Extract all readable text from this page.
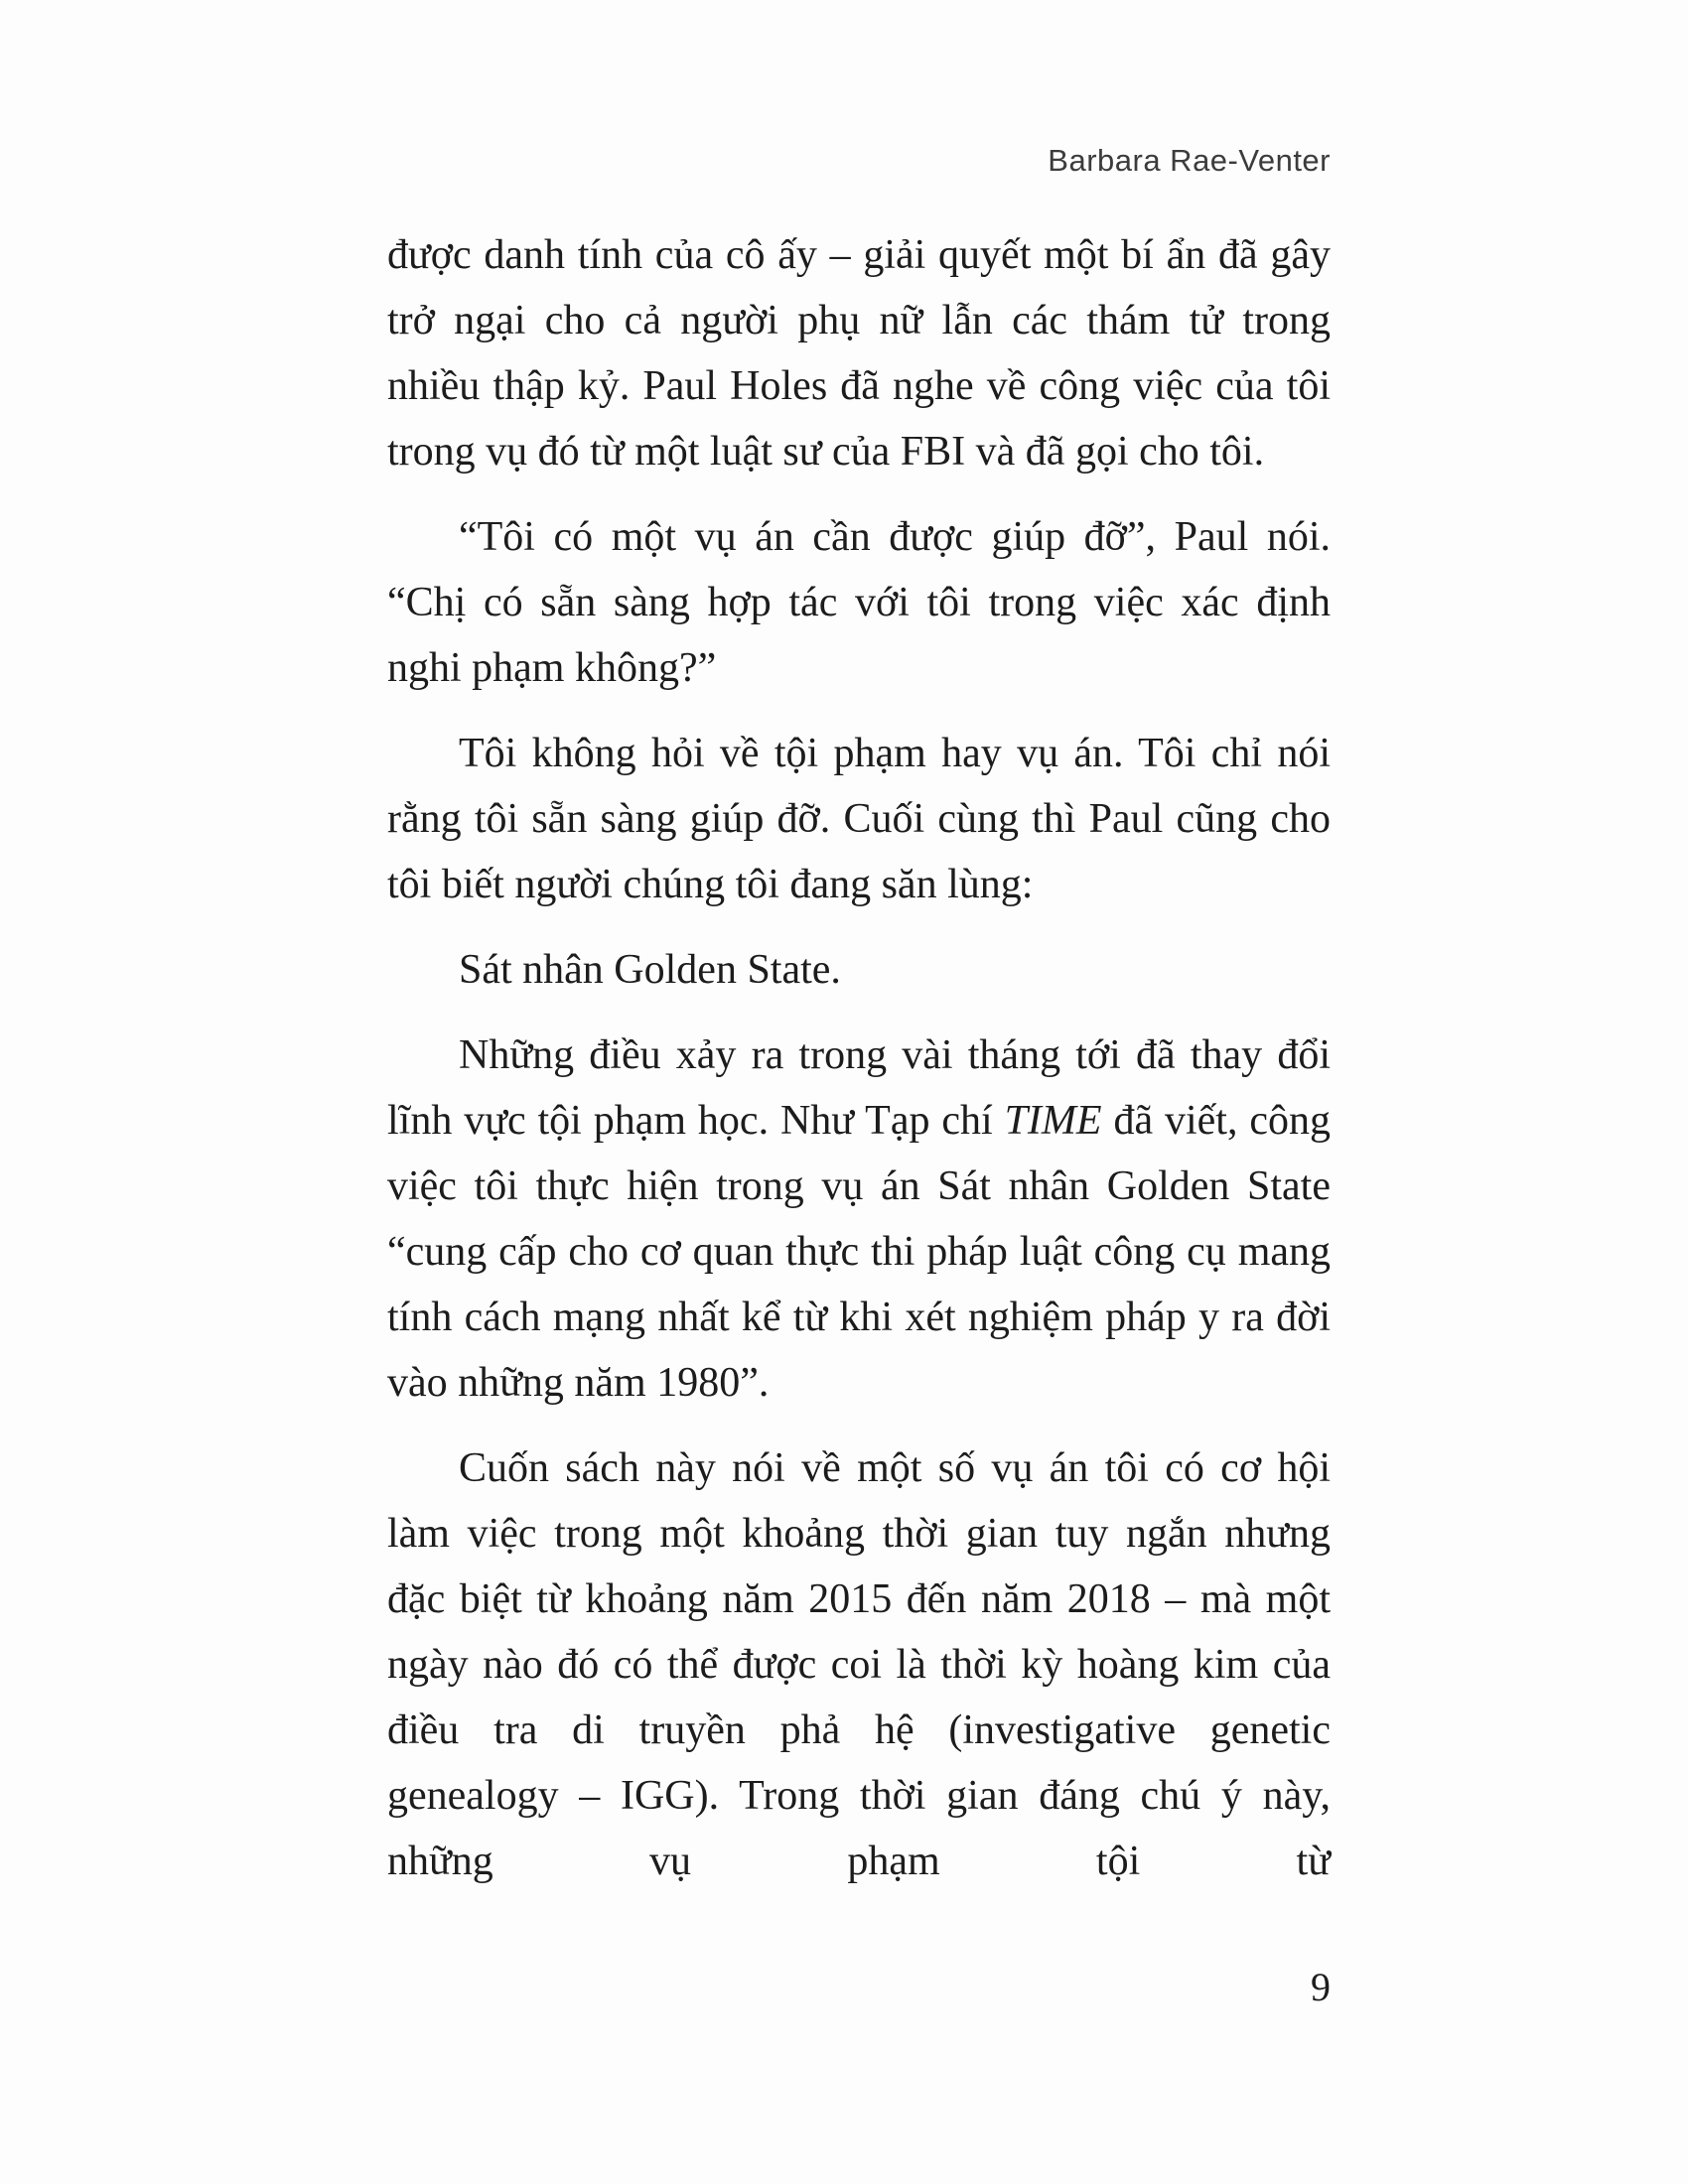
Barbara Rae-Venter

được danh tính của cô ấy – giải quyết một bí ẩn đã gây trở ngại cho cả người phụ nữ lẫn các thám tử trong nhiều thập kỷ. Paul Holes đã nghe về công việc của tôi trong vụ đó từ một luật sư của FBI và đã gọi cho tôi.

“Tôi có một vụ án cần được giúp đỡ”, Paul nói. “Chị có sẵn sàng hợp tác với tôi trong việc xác định nghi phạm không?”

Tôi không hỏi về tội phạm hay vụ án. Tôi chỉ nói rằng tôi sẵn sàng giúp đỡ. Cuối cùng thì Paul cũng cho tôi biết người chúng tôi đang săn lùng:

Sát nhân Golden State.

Những điều xảy ra trong vài tháng tới đã thay đổi lĩnh vực tội phạm học. Như Tạp chí TIME đã viết, công việc tôi thực hiện trong vụ án Sát nhân Golden State “cung cấp cho cơ quan thực thi pháp luật công cụ mang tính cách mạng nhất kể từ khi xét nghiệm pháp y ra đời vào những năm 1980”.

Cuốn sách này nói về một số vụ án tôi có cơ hội làm việc trong một khoảng thời gian tuy ngắn nhưng đặc biệt từ khoảng năm 2015 đến năm 2018 – mà một ngày nào đó có thể được coi là thời kỳ hoàng kim của điều tra di truyền phả hệ (investigative genetic genealogy – IGG). Trong thời gian đáng chú ý này, những vụ phạm tội từ

9
